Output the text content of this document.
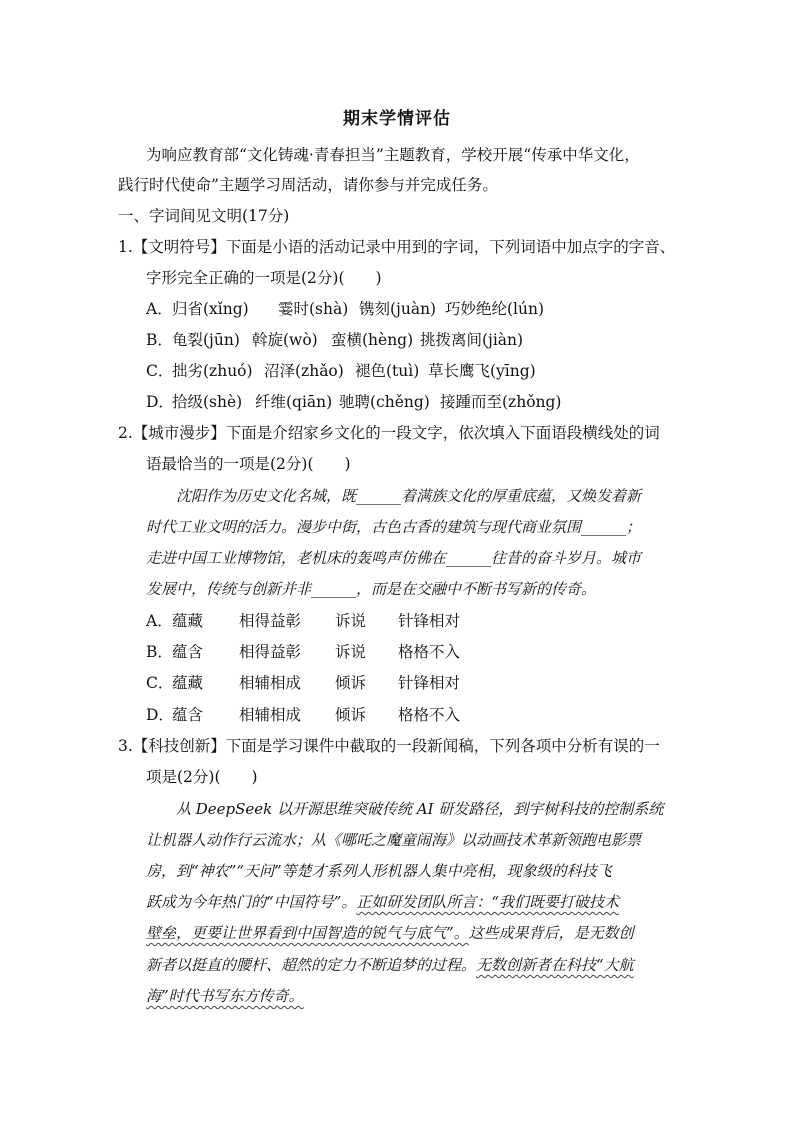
期末学情评估
为响应教育部“文化铸魂·青春担当”主题教育，学校开展“传承中华文化，
践行时代使命”主题学习周活动，请你参与并完成任务。
一、字词间见文明(17分)
1.【文明符号】下面是小语的活动记录中用到的字词，下列词语中加点字的字音、
字形完全正确的一项是(2分)(　　)
A．归省(xǐng) 霎时(shà) 镌刻(juàn) 巧妙绝纶(lún)
B．龟裂(jūn) 斡旋(wò) 蛮横(hèng) 挑拨离间(jiàn)
C．拙劣(zhuó) 沼泽(zhǎo) 褪色(tuì) 草长鹰飞(yīng)
D．拾级(shè) 纤维(qiān) 驰聘(chěng) 接踵而至(zhǒng)
2.【城市漫步】下面是介绍家乡文化的一段文字，依次填入下面语段横线处的词
语最恰当的一项是(2分)(　　)
沈阳作为历史文化名城，既______着满族文化的厚重底蕴，又焕发着新
时代工业文明的活力。漫步中街，古色古香的建筑与现代商业氛围______；
走进中国工业博物馆，老机床的轰鸣声仿佛在______往昔的奋斗岁月。城市
发展中，传统与创新并非______，而是在交融中不断书写新的传奇。
A．蕴藏 相得益彰 诉说 针锋相对
B．蕴含 相得益彰 诉说 格格不入
C．蕴藏 相辅相成 倾诉 针锋相对
D．蕴含 相辅相成 倾诉 格格不入
3.【科技创新】下面是学习课件中截取的一段新闻稿，下列各项中分析有误的一
项是(2分)(　　)
从 DeepSeek 以开源思维突破传统 AI 研发路径，到宇树科技的控制系统
让机器人动作行云流水；从《哪吒之魔童闹海》以动画技术革新领跑电影票
房，到“神农”“天问”等楚才系列人形机器人集中亮相，现象级的科技飞
跃成为今年热门的“中国符号”。正如研发团队所言：“我们既要打破技术
壁垒，更要让世界看到中国智造的锐气与底气”。这些成果背后，是无数创
新者以挺直的腰杆、超然的定力不断追梦的过程。无数创新者在科技“大航
海”时代书写东方传奇。
